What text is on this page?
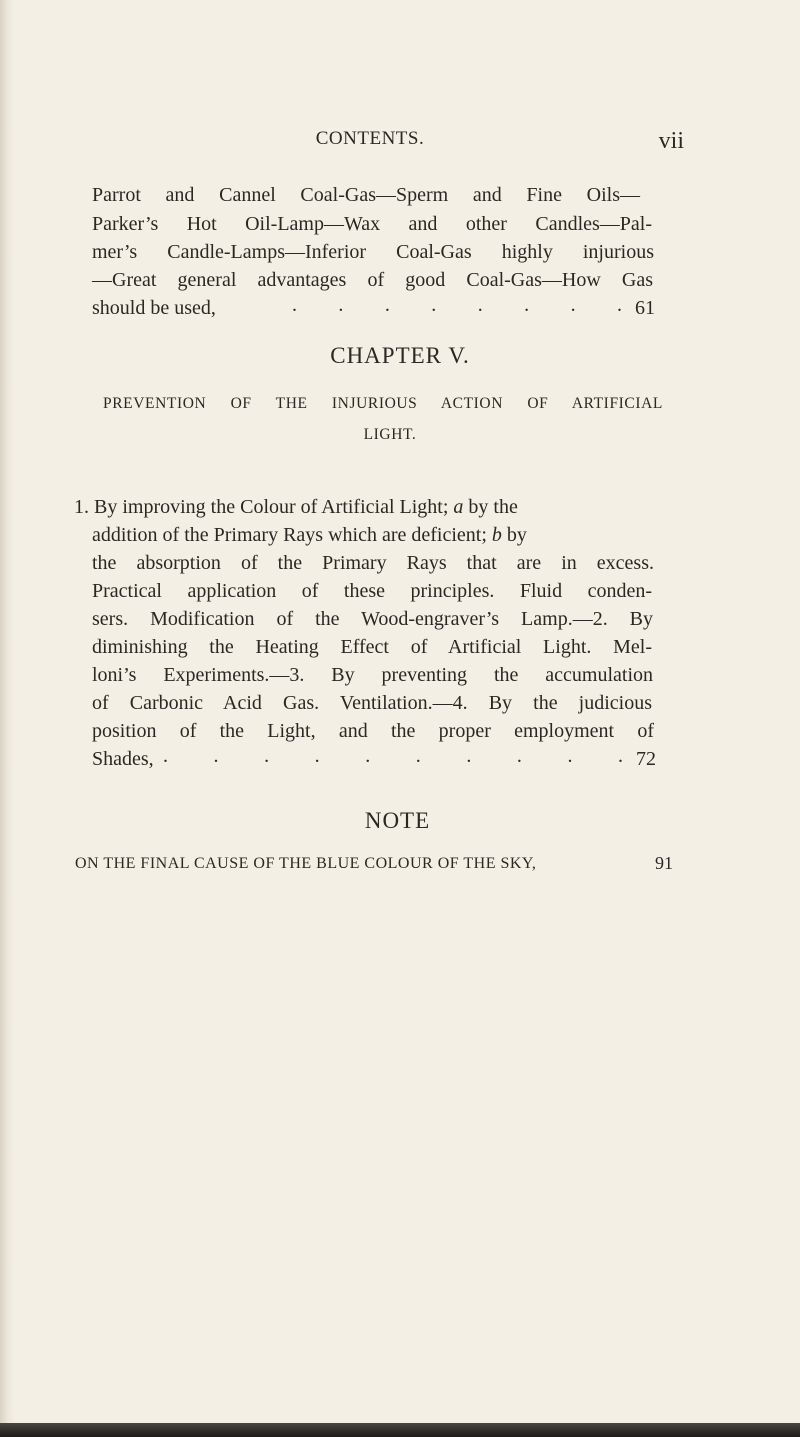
CONTENTS.	vii
Parrot and Cannel Coal-Gas—Sperm and Fine Oils—
Parker’s Hot Oil-Lamp—Wax and other Candles—Pal-
mer’s Candle-Lamps—Inferior Coal-Gas highly injurious
—Great general advantages of good Coal-Gas—How Gas
should be used,	. . . . . . . . 61
CHAPTER V.
PREVENTION OF THE INJURIOUS ACTION OF ARTIFICIAL
LIGHT.
1. By improving the Colour of Artificial Light; a by the
addition of the Primary Rays which are deficient; b by
the absorption of the Primary Rays that are in excess.
Practical application of these principles. Fluid conden-
sers. Modification of the Wood-engraver’s Lamp.—2. By
diminishing the Heating Effect of Artificial Light. Mel-
loni’s Experiments.—3. By preventing the accumulation
of Carbonic Acid Gas. Ventilation.—4. By the judicious
position of the Light, and the proper employment of
Shades, . . . . . . . . . . 72
NOTE
ON THE FINAL CAUSE OF THE BLUE COLOUR OF THE SKY,	91
